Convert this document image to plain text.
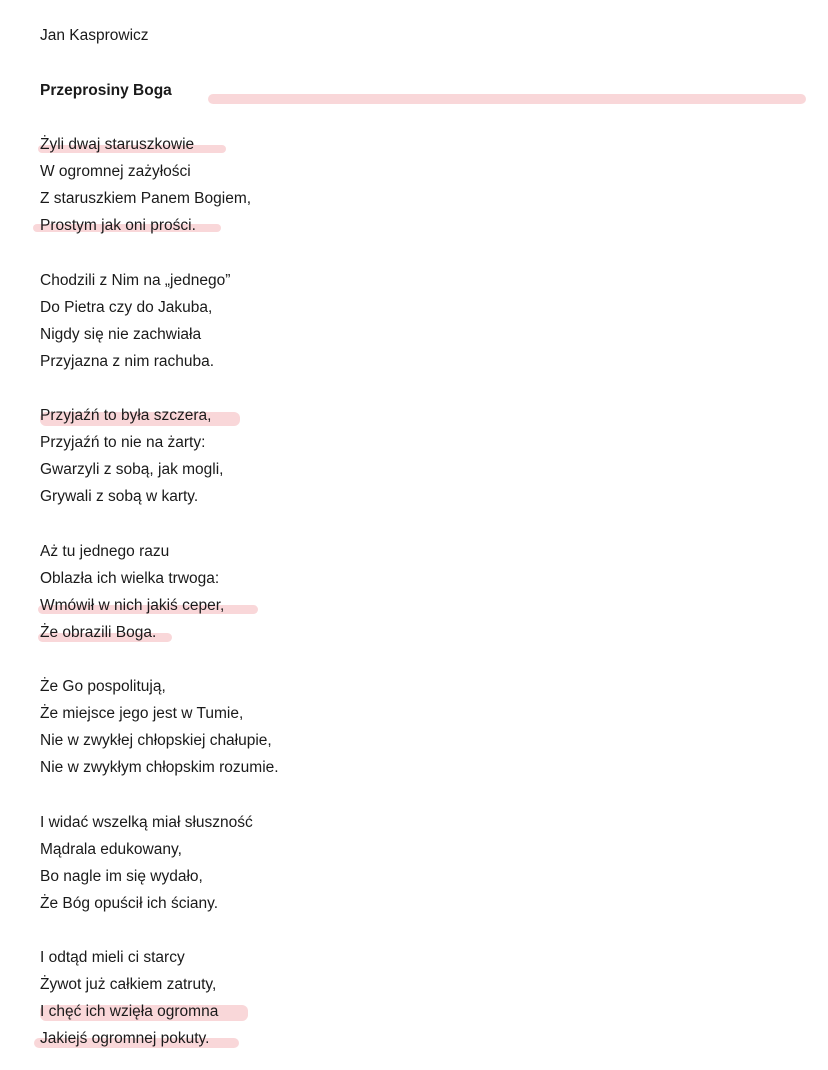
Jan Kasprowicz
Przeprosiny Boga
Żyli dwaj staruszkowie
W ogromnej zażyłości
Z staruszkiem Panem Bogiem,
Prostym jak oni prości.
Chodzili z Nim na „jednego”
Do Pietra czy do Jakuba,
Nigdy się nie zachwiała
Przyjazna z nim rachuba.
Przyjaźń to była szczera,
Przyjaźń to nie na żarty:
Gwarzyli z sobą, jak mogli,
Grywali z sobą w karty.
Aż tu jednego razu
Oblazła ich wielka trwoga:
Wmówił w nich jakiś ceper,
Że obrazili Boga.
Że Go pospolitują,
Że miejsce jego jest w Tumie,
Nie w zwykłej chłopskiej chałupie,
Nie w zwykłym chłopskim rozumie.
I widać wszelką miał słuszność
Mądrala edukowany,
Bo nagle im się wydało,
Że Bóg opuścił ich ściany.
I odtąd mieli ci starcy
Żywot już całkiem zatruty,
I chęć ich wzięła ogromna
Jakiejś ogromnej pokuty.
